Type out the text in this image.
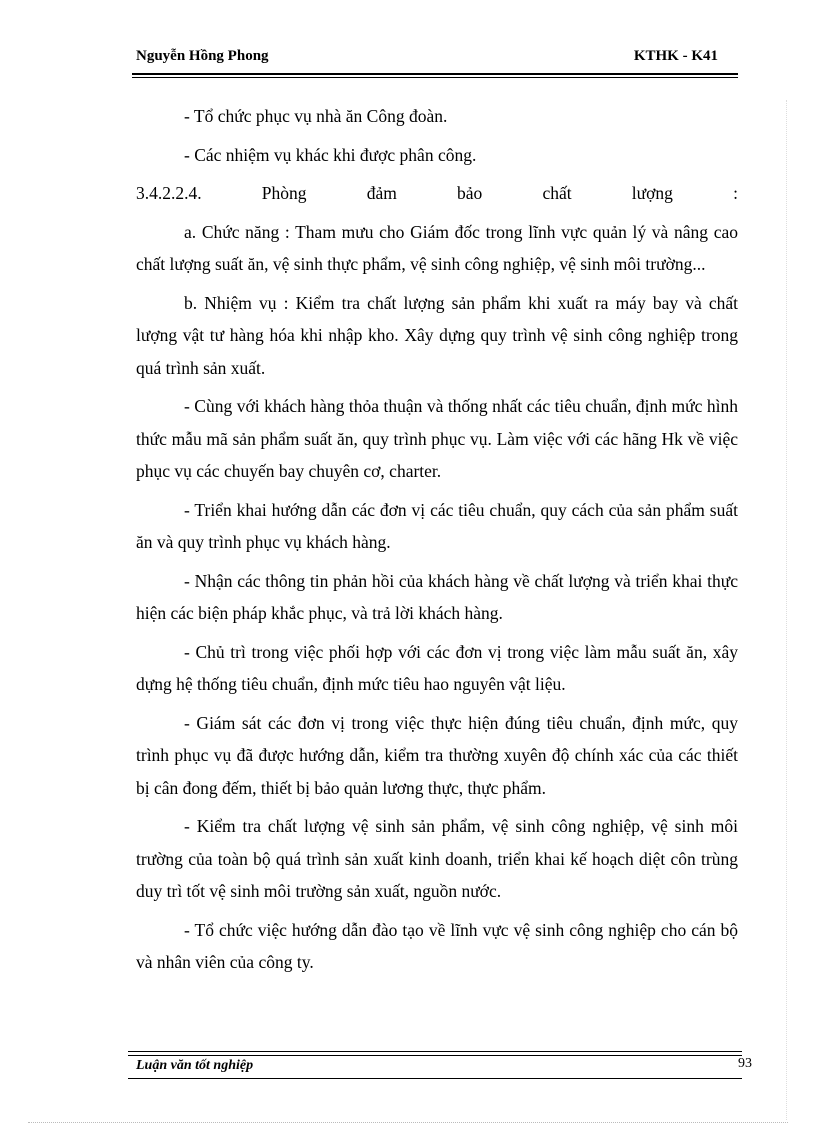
Nguyễn Hồng Phong	KTHK - K41

- Tổ chức phục vụ nhà ăn Công đoàn.

- Các nhiệm vụ khác khi được phân công.

3.4.2.2.4.	Phòng	đảm	bảo	chất	lượng	:

a. Chức năng : Tham mưu cho Giám đốc trong lĩnh vực quản lý và nâng cao chất lượng suất ăn, vệ sinh thực phẩm, vệ sinh công nghiệp, vệ sinh môi trường...

b. Nhiệm vụ : Kiểm tra chất lượng sản phẩm khi xuất ra máy bay và chất lượng vật tư hàng hóa khi nhập kho. Xây dựng quy trình vệ sinh công nghiệp trong quá trình sản xuất.

- Cùng với khách hàng thỏa thuận và thống nhất các tiêu chuẩn, định mức hình thức mẫu mã sản phẩm suất ăn, quy trình phục vụ. Làm việc với các hãng Hk về việc phục vụ các chuyến bay chuyên cơ, charter.

- Triển khai hướng dẫn các đơn vị các tiêu chuẩn, quy cách của sản phẩm suất ăn và quy trình phục vụ khách hàng.

- Nhận các thông tin phản hồi của khách hàng về chất lượng và triển khai thực hiện các biện pháp khắc phục, và trả lời khách hàng.

- Chủ trì trong việc phối hợp với các đơn vị trong việc làm mẫu suất ăn, xây dựng hệ thống tiêu chuẩn, định mức tiêu hao nguyên vật liệu.

- Giám sát các đơn vị trong việc thực hiện đúng tiêu chuẩn, định mức, quy trình phục vụ đã được hướng dẫn, kiểm tra thường xuyên độ chính xác của các thiết bị cân đong đếm, thiết bị bảo quản lương thực, thực phẩm.

- Kiểm tra chất lượng vệ sinh sản phẩm, vệ sinh công nghiệp, vệ sinh môi trường của toàn bộ quá trình sản xuất kinh doanh, triển khai kế hoạch diệt côn trùng duy trì tốt vệ sinh môi trường sản xuất, nguồn nước.

- Tổ chức việc hướng dẫn đào tạo về lĩnh vực vệ sinh công nghiệp cho cán bộ và nhân viên của công ty.

Luận văn tốt nghiệp	93
